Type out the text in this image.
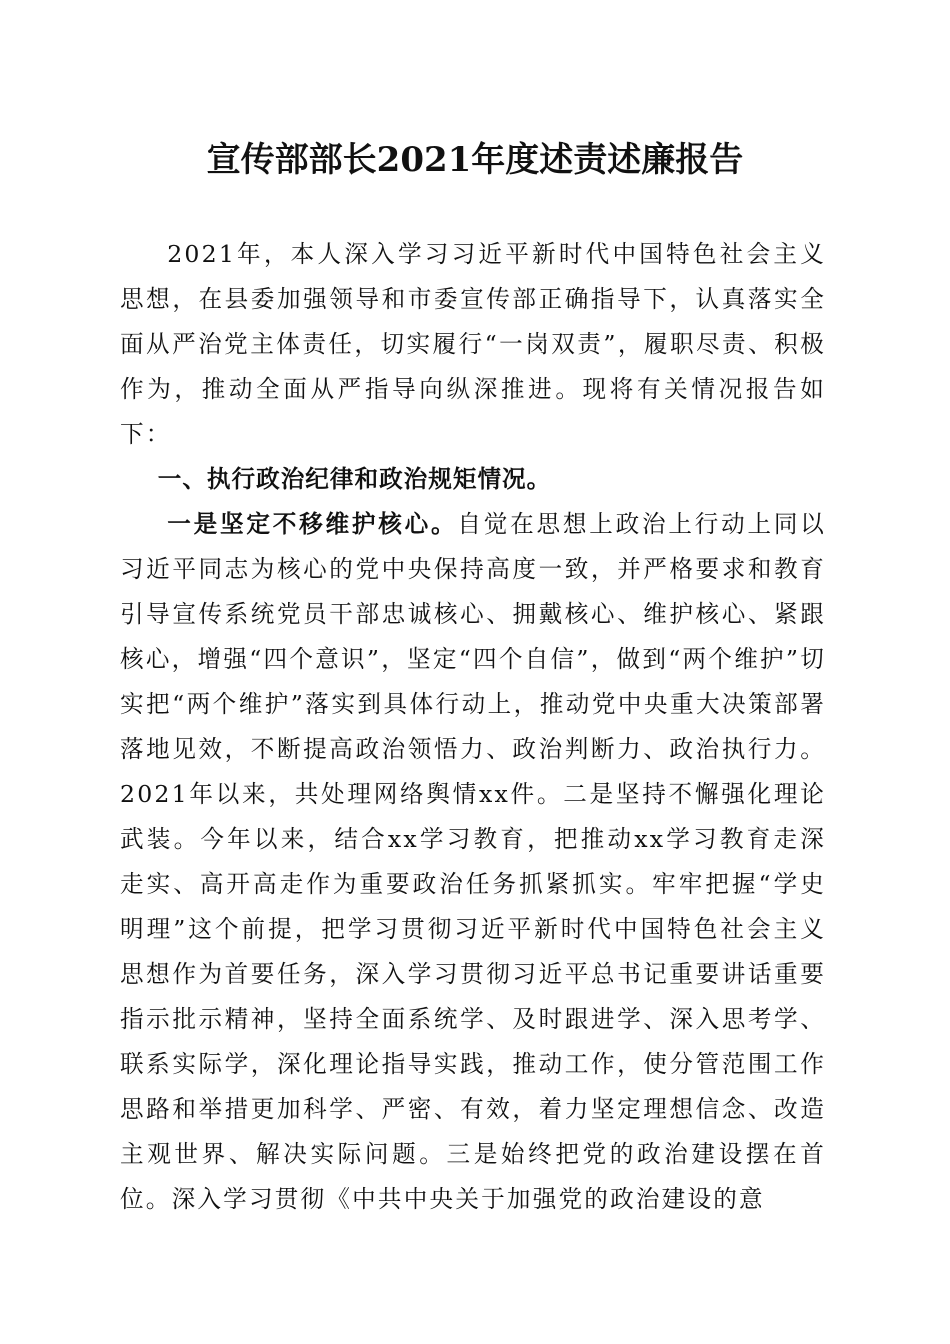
宣传部部长2021年度述责述廉报告

2021年，本人深入学习习近平新时代中国特色社会主义思想，在县委加强领导和市委宣传部正确指导下，认真落实全面从严治党主体责任，切实履行“一岗双责”，履职尽责、积极作为，推动全面从严指导向纵深推进。现将有关情况报告如下：

一、执行政治纪律和政治规矩情况。

一是坚定不移维护核心。自觉在思想上政治上行动上同以习近平同志为核心的党中央保持高度一致，并严格要求和教育引导宣传系统党员干部忠诚核心、拥戴核心、维护核心、紧跟核心，增强“四个意识”，坚定“四个自信”，做到“两个维护”切实把“两个维护”落实到具体行动上，推动党中央重大决策部署落地见效，不断提高政治领悟力、政治判断力、政治执行力。2021年以来，共处理网络舆情xx件。二是坚持不懈强化理论武装。今年以来，结合xx学习教育，把推动xx学习教育走深走实、高开高走作为重要政治任务抓紧抓实。牢牢把握“学史明理”这个前提，把学习贯彻习近平新时代中国特色社会主义思想作为首要任务，深入学习贯彻习近平总书记重要讲话重要指示批示精神，坚持全面系统学、及时跟进学、深入思考学、联系实际学，深化理论指导实践，推动工作，使分管范围工作思路和举措更加科学、严密、有效，着力坚定理想信念、改造主观世界、解决实际问题。三是始终把党的政治建设摆在首位。深入学习贯彻《中共中央关于加强党的政治建设的意
